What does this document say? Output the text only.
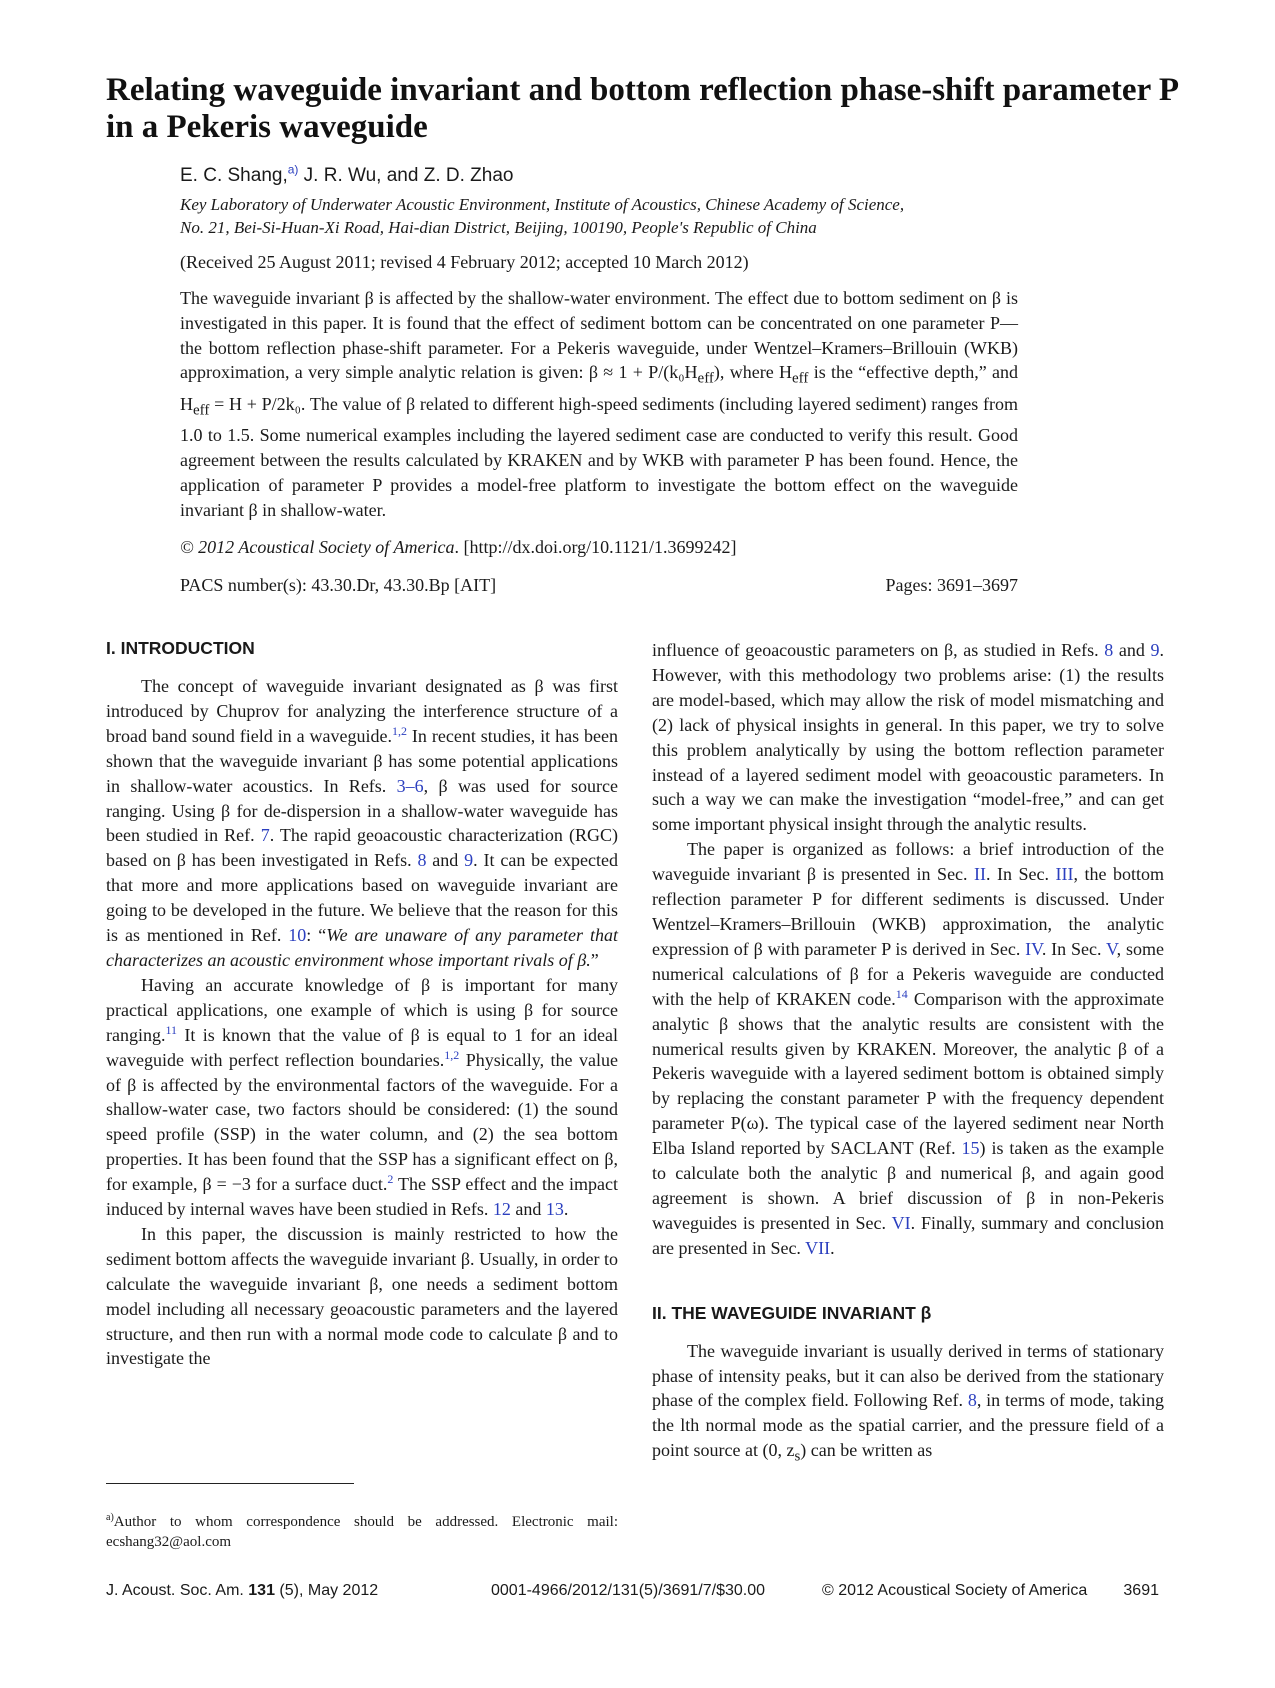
Relating waveguide invariant and bottom reflection phase-shift parameter P in a Pekeris waveguide
E. C. Shang,$^{a)}$ J. R. Wu, and Z. D. Zhao
Key Laboratory of Underwater Acoustic Environment, Institute of Acoustics, Chinese Academy of Science,
No. 21, Bei-Si-Huan-Xi Road, Hai-dian District, Beijing, 100190, People's Republic of China
(Received 25 August 2011; revised 4 February 2012; accepted 10 March 2012)

The waveguide invariant β is affected by the shallow-water environment. The effect due to bottom sediment on β is investigated in this paper. It is found that the effect of sediment bottom can be concentrated on one parameter P—the bottom reflection phase-shift parameter. For a Pekeris waveguide, under Wentzel–Kramers–Brillouin (WKB) approximation, a very simple analytic relation is given: $\beta \approx 1 + P/(k_0H_{eff})$, where $H_{eff}$ is the “effective depth,” and $H_{eff} = H + P/2k_0$. The value of β related to different high-speed sediments (including layered sediment) ranges from 1.0 to 1.5. Some numerical examples including the layered sediment case are conducted to verify this result. Good agreement between the results calculated by KRAKEN and by WKB with parameter P has been found. Hence, the application of parameter P provides a model-free platform to investigate the bottom effect on the waveguide invariant β in shallow-water.

© 2012 Acoustical Society of America. [http://dx.doi.org/10.1121/1.3699242]
PACS number(s): 43.30.Dr, 43.30.Bp [AIT]	Pages: 3691–3697
I. INTRODUCTION

The concept of waveguide invariant designated as β was first introduced by Chuprov for analyzing the interference structure of a broad band sound field in a waveguide.$^{1,2}$ In recent studies, it has been shown that the waveguide invariant β has some potential applications in shallow-water acoustics. In Refs. 3–6, β was used for source ranging. Using β for de-dispersion in a shallow-water waveguide has been studied in Ref. 7. The rapid geoacoustic characterization (RGC) based on β has been investigated in Refs. 8 and 9. It can be expected that more and more applications based on waveguide invariant are going to be developed in the future. We believe that the reason for this is as mentioned in Ref. 10: “We are unaware of any parameter that characterizes an acoustic environment whose important rivals of β.”

Having an accurate knowledge of β is important for many practical applications, one example of which is using β for source ranging.$^{11}$ It is known that the value of β is equal to 1 for an ideal waveguide with perfect reflection boundaries.$^{1,2}$ Physically, the value of β is affected by the environmental factors of the waveguide. For a shallow-water case, two factors should be considered: (1) the sound speed profile (SSP) in the water column, and (2) the sea bottom properties. It has been found that the SSP has a significant effect on β, for example, β = −3 for a surface duct.$^2$ The SSP effect and the impact induced by internal waves have been studied in Refs. 12 and 13.

In this paper, the discussion is mainly restricted to how the sediment bottom affects the waveguide invariant β. Usually, in order to calculate the waveguide invariant β, one needs a sediment bottom model including all necessary geoacoustic parameters and the layered structure, and then run with a normal mode code to calculate β and to investigate the

influence of geoacoustic parameters on β, as studied in Refs. 8 and 9. However, with this methodology two problems arise: (1) the results are model-based, which may allow the risk of model mismatching and (2) lack of physical insights in general. In this paper, we try to solve this problem analytically by using the bottom reflection parameter instead of a layered sediment model with geoacoustic parameters. In such a way we can make the investigation “model-free,” and can get some important physical insight through the analytic results.

The paper is organized as follows: a brief introduction of the waveguide invariant β is presented in Sec. II. In Sec. III, the bottom reflection parameter P for different sediments is discussed. Under Wentzel–Kramers–Brillouin (WKB) approximation, the analytic expression of β with parameter P is derived in Sec. IV. In Sec. V, some numerical calculations of β for a Pekeris waveguide are conducted with the help of KRAKEN code.$^{14}$ Comparison with the approximate analytic β shows that the analytic results are consistent with the numerical results given by KRAKEN. Moreover, the analytic β of a Pekeris waveguide with a layered sediment bottom is obtained simply by replacing the constant parameter P with the frequency dependent parameter P(ω). The typical case of the layered sediment near North Elba Island reported by SACLANT (Ref. 15) is taken as the example to calculate both the analytic β and numerical β, and again good agreement is shown. A brief discussion of β in non-Pekeris waveguides is presented in Sec. VI. Finally, summary and conclusion are presented in Sec. VII.

II. THE WAVEGUIDE INVARIANT β

The waveguide invariant is usually derived in terms of stationary phase of intensity peaks, but it can also be derived from the stationary phase of the complex field. Following Ref. 8, in terms of mode, taking the lth normal mode as the spatial carrier, and the pressure field of a point source at (0, $z_s$) can be written as

$^{a)}$Author to whom correspondence should be addressed. Electronic mail: ecshang32@aol.com
J. Acoust. Soc. Am. 131 (5), May 2012	0001-4966/2012/131(5)/3691/7/$30.00	© 2012 Acoustical Society of America 3691
